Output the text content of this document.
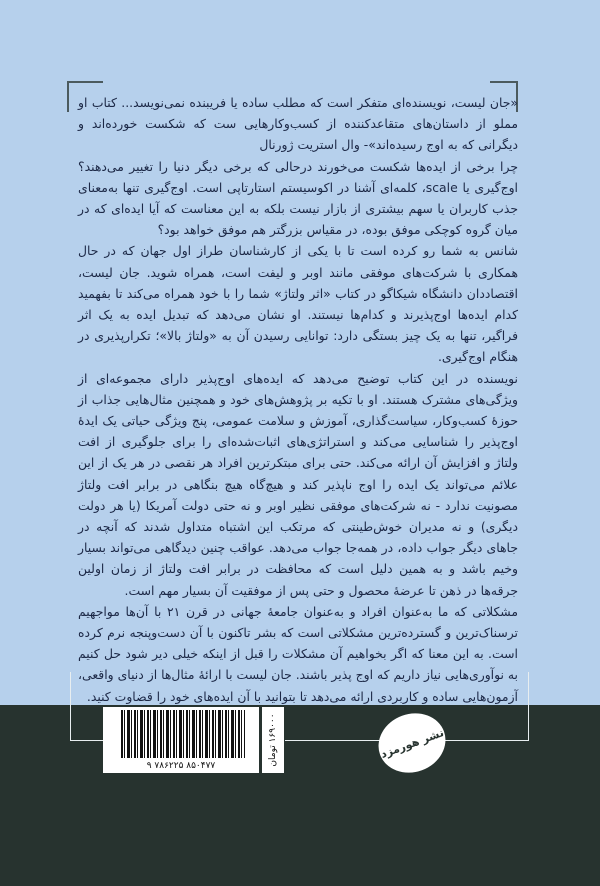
«جان لیست، نویسنده‌ای متفکر است که مطلب ساده یا فریبنده نمی‌نویسد... کتاب او مملو از داستان‌های متقاعدکننده از کسب‌وکارهایی ست که شکست خورده‌اند و دیگرانی که به اوج رسیده‌اند»- وال استریت ژورنال

چرا برخی از ایده‌ها شکست می‌خورند درحالی که برخی دیگر دنیا را تغییر می‌دهند؟ اوج‌گیری یا scale، کلمه‌ای آشنا در اکوسیستم استارتاپی است. اوج‌گیری تنها به‌معنای جذب کاربران یا سهم بیشتری از بازار نیست بلکه به این معناست که آیا ایده‌ای که در میان گروه کوچکی موفق بوده، در مقیاس بزرگتر هم موفق خواهد بود؟

شانس به شما رو کرده است تا با یکی از کارشناسان طراز اول جهان که در حال همکاری با شرکت‌های موفقی مانند اوبر و لیفت است، همراه شوید. جان لیست، اقتصاددان دانشگاه شیکاگو در کتاب «اثر ولتاژ» شما را با خود همراه می‌کند تا بفهمید کدام ایده‌ها اوج‌پذیرند و کدام‌ها نیستند. او نشان می‌دهد که تبدیل ایده به یک اثر فراگیر، تنها به یک چیز بستگی دارد: توانایی رسیدن آن به «ولتاژ بالا»؛ تکرارپذیری در هنگام اوج‌گیری.

نویسنده در این کتاب توضیح می‌دهد که ایده‌های اوج‌پذیر دارای مجموعه‌ای از ویژگی‌های مشترک هستند. او با تکیه بر پژوهش‌های خود و همچنین مثال‌هایی جذاب از حوزهٔ کسب‌وکار، سیاست‌گذاری، آموزش و سلامت عمومی، پنج ویژگی حیاتی یک ایدهٔ اوج‌پذیر را شناسایی می‌کند و استراتژی‌های اثبات‌شده‌ای را برای جلوگیری از افت ولتاژ و افزایش آن ارائه می‌کند. حتی برای مبتکرترین افراد هر نقصی در هر یک از این علائم می‌تواند یک ایده را اوج ناپذیر کند و هیچ‌گاه هیچ بنگاهی در برابر افت ولتاژ مصونیت ندارد - نه شرکت‌های موفقی نظیر اوبر و نه حتی دولت آمریکا (یا هر دولت دیگری) و نه مدیران خوش‌طینتی که مرتکب این اشتباه متداول شدند که آنچه در جاهای دیگر جواب داده، در همه‌جا جواب می‌دهد. عواقب چنین دیدگاهی می‌تواند بسیار وخیم باشد و به همین دلیل است که محافظت در برابر افت ولتاژ از زمان اولین جرقه‌ها در ذهن تا عرضهٔ محصول و حتی پس از موفقیت آن بسیار مهم است.

مشکلاتی که ما به‌عنوان افراد و به‌عنوان جامعهٔ جهانی در قرن ۲۱ با آن‌ها مواجهیم ترسناک‌ترین و گسترده‌ترین مشکلاتی است که بشر تاکنون با آن دست‌وپنجه نرم کرده است. به این معنا که اگر بخواهیم آن مشکلات را قبل از اینکه خیلی دیر شود حل کنیم به نوآوری‌هایی نیاز داریم که اوج پذیر باشند. جان لیست با ارائهٔ مثال‌ها از دنیای واقعی، آزمون‌هایی ساده و کاربردی ارائه می‌دهد تا بتوانید با آن ایده‌های خود را قضاوت کنید.

۹ ۷۸۶۲۲۵ ۸۵۰۴۷۷	۱۶۹۰۰۰ تومان	نشر هورمزد
